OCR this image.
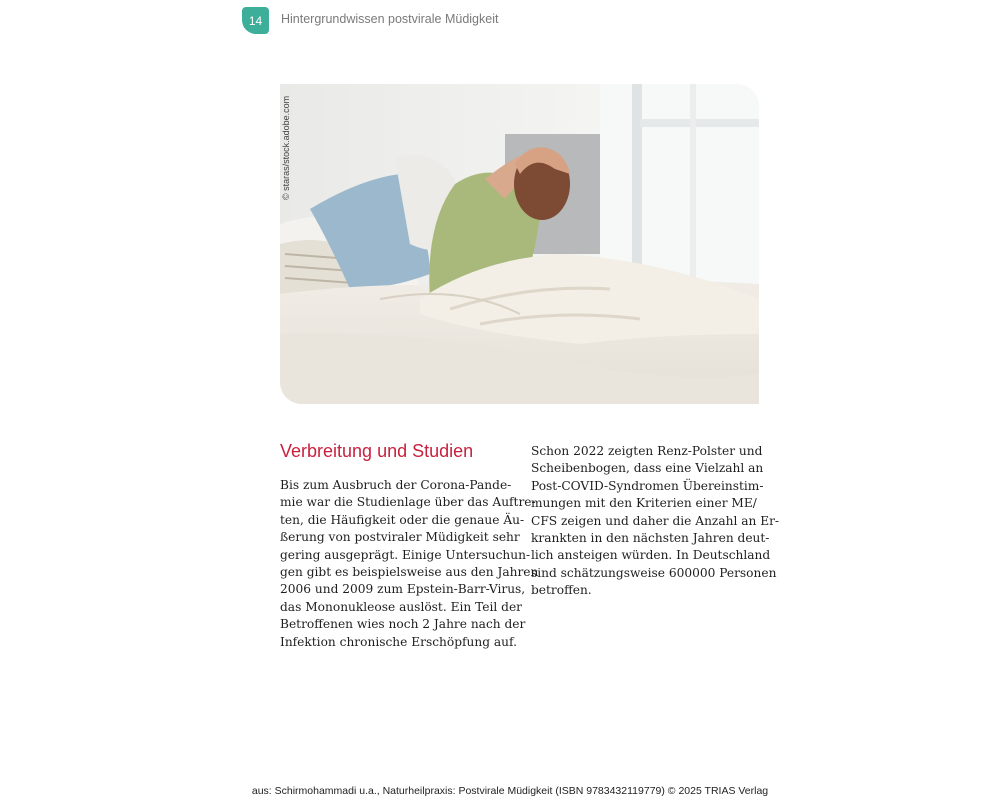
14 Hintergrundwissen postvirale Müdigkeit
© staras/stock.adobe.com
Verbreitung und Studien

Bis zum Ausbruch der Corona-Pande-
mie war die Studienlage über das Auftre-
ten, die Häufigkeit oder die genaue Äu-
ßerung von postviraler Müdigkeit sehr
gering ausgeprägt. Einige Untersuchun-
gen gibt es beispielsweise aus den Jahren
2006 und 2009 zum Epstein-Barr-Virus,
das Mononukleose auslöst. Ein Teil der
Betroffenen wies noch 2 Jahre nach der
Infektion chronische Erschöpfung auf.

Schon 2022 zeigten Renz-Polster und
Scheibenbogen, dass eine Vielzahl an
Post-COVID-Syndromen Übereinstim-
mungen mit den Kriterien einer ME/
CFS zeigen und daher die Anzahl an Er-
krankten in den nächsten Jahren deut-
lich ansteigen würden. In Deutschland
sind schätzungsweise 600000 Personen
betroffen.

aus: Schirmohammadi u.a., Naturheilpraxis: Postvirale Müdigkeit (ISBN 9783432119779) © 2025 TRIAS Verlag
